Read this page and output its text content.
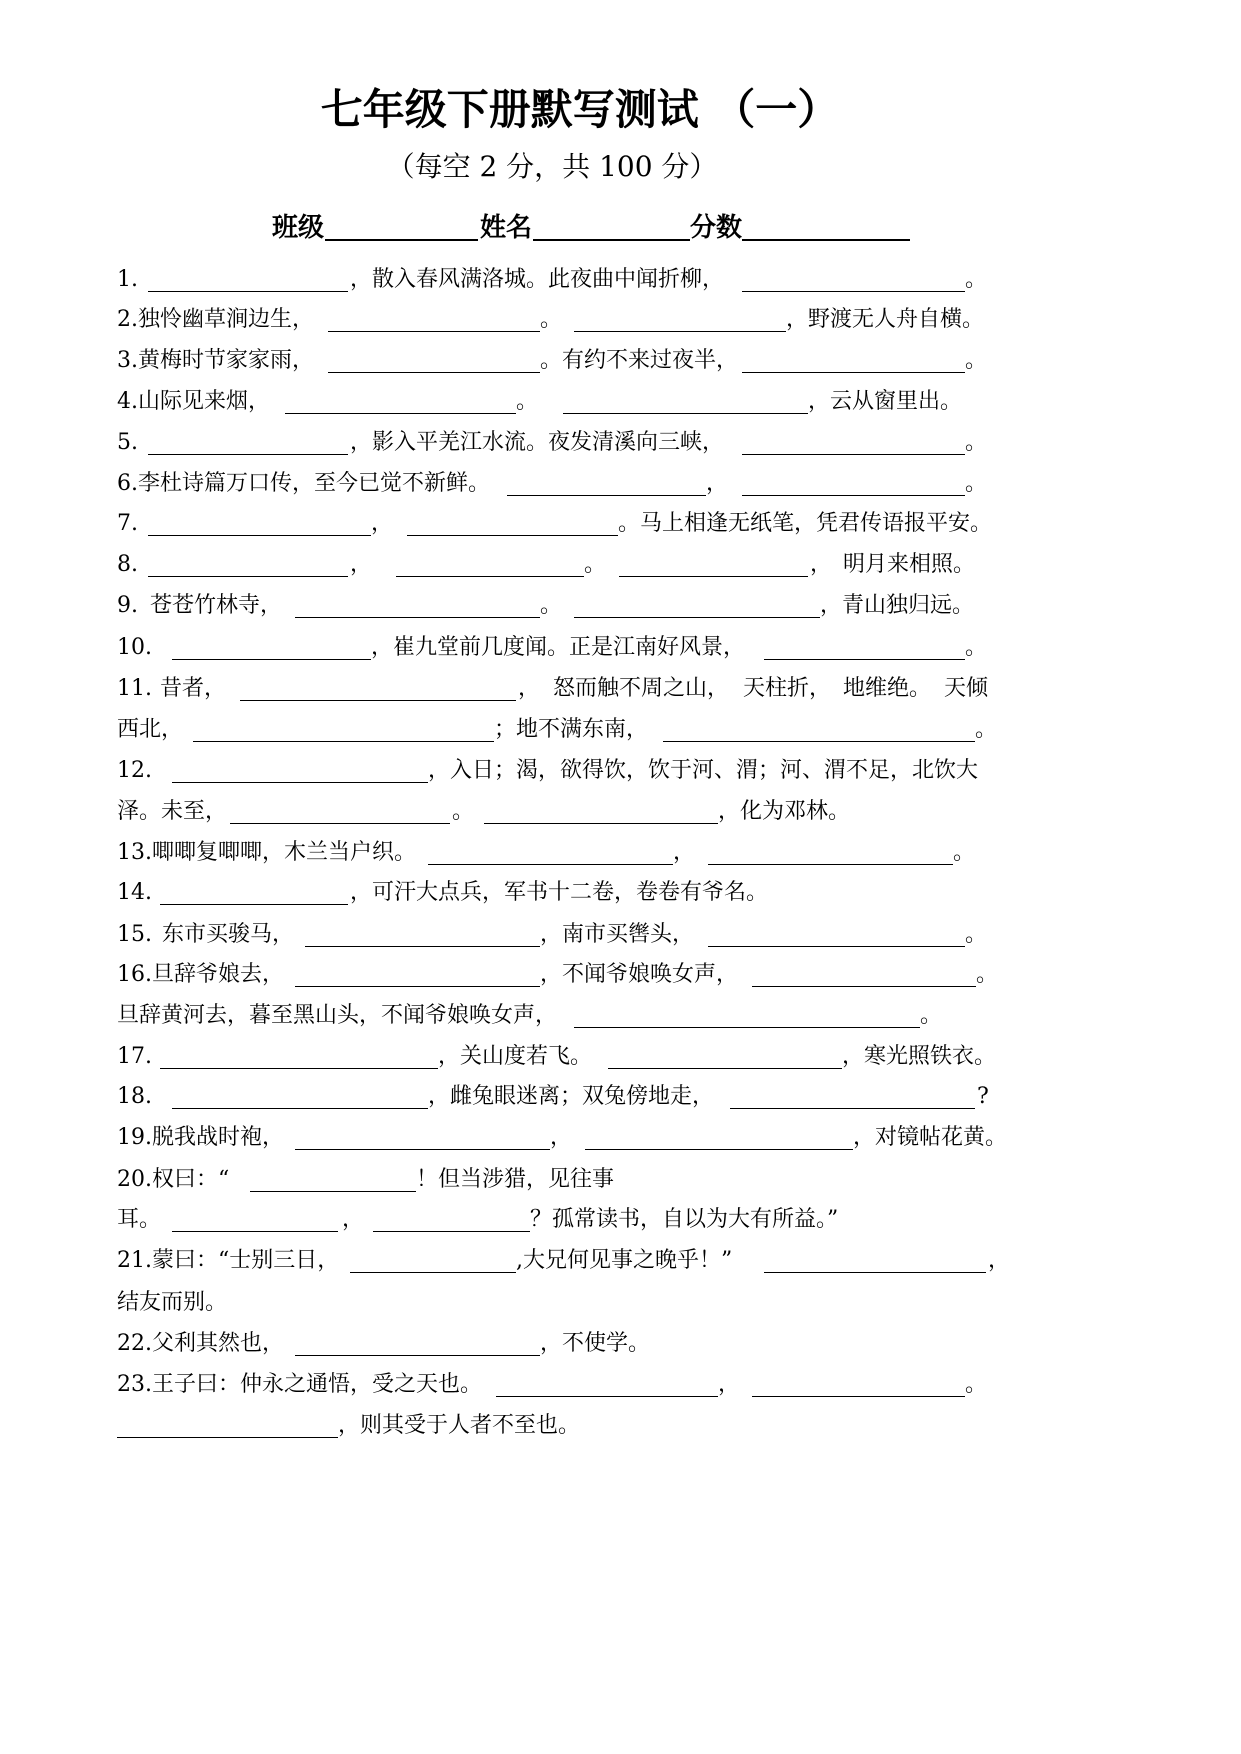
七年级下册默写测试 （一）
（每空 2 分，共 100 分）
班级	姓名	分数
1.	，散入春风满洛城。此夜曲中闻折柳，	。
2.独怜幽草涧边生，	。	，野渡无人舟自横。
3.黄梅时节家家雨，	。有约不来过夜半，	。
4.山际见来烟，	。	，云从窗里出。
5.	，影入平羌江水流。夜发清溪向三峡，	。
6.李杜诗篇万口传，至今已觉不新鲜。	，	。
7.	，	。马上相逢无纸笔，凭君传语报平安。
8.	，	。	， 明月来相照。
9. 苍苍竹林寺，	。	，青山独归远。
10.	，崔九堂前几度闻。正是江南好风景，	。
11. 昔者，	， 怒而触不周之山， 天柱折， 地维绝。 天倾
西北，	；地不满东南，	。
12.	，入日；渴，欲得饮，饮于河、渭；河、渭不足，北饮大
泽。未至，	。	，化为邓林。
13.唧唧复唧唧，木兰当户织。	，	。
14.	，可汗大点兵，军书十二卷，卷卷有爷名。
15. 东市买骏马，	，南市买辔头，	。
16.旦辞爷娘去，	，不闻爷娘唤女声，	。
旦辞黄河去，暮至黑山头，不闻爷娘唤女声，	。
17.	，关山度若飞。	，寒光照铁衣。
18.	，雌兔眼迷离；双兔傍地走，	?
19.脱我战时袍，	，	，对镜帖花黄。
20.权曰：“	！但当涉猎，见往事
耳。	，	？孤常读书，自以为大有所益。”
21.蒙曰：“士别三日，	,大兄何见事之晚乎！”	，
结友而别。
22.父利其然也，	，不使学。
23.王子曰：仲永之通悟，受之天也。	，	。
，则其受于人者不至也。
